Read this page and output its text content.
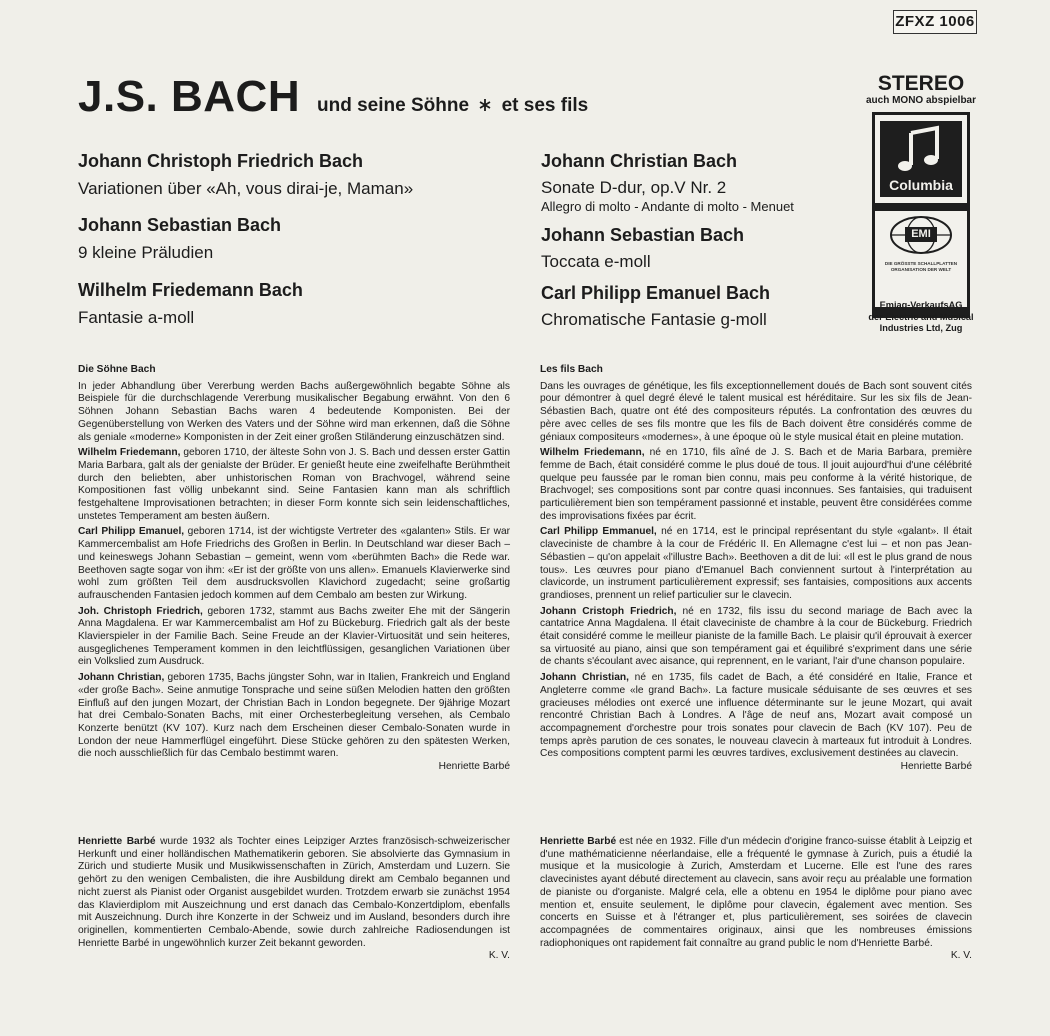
ZFXZ 1006
J.S. BACH und seine Söhne et ses fils
STEREO
auch MONO abspielbar
Columbia
EMI
DIE GRÖSSTE SCHALLPLATTEN ORGANISATION DER WELT
Emiag-VerkaufsAG
der Electric and Musical
Industries Ltd, Zug
Johann Christoph Friedrich Bach
Variationen über «Ah, vous dirai-je, Maman»
Johann Sebastian Bach
9 kleine Präludien
Wilhelm Friedemann Bach
Fantasie a-moll
Johann Christian Bach
Sonate D-dur, op.V Nr. 2
Allegro di molto - Andante di molto - Menuet
Johann Sebastian Bach
Toccata e-moll
Carl Philipp Emanuel Bach
Chromatische Fantasie g-moll
Die Söhne Bach

In jeder Abhandlung über Vererbung werden Bachs außergewöhnlich begabte Söhne als Beispiele für die durchschlagende Vererbung musikalischer Begabung erwähnt. Von den 6 Söhnen Johann Sebastian Bachs waren 4 bedeutende Komponisten. Bei der Gegenüberstellung von Werken des Vaters und der Söhne wird man erkennen, daß die Söhne als geniale «moderne» Komponisten in der Zeit einer großen Stiländerung einzuschätzen sind.

Wilhelm Friedemann, geboren 1710, der älteste Sohn von J. S. Bach und dessen erster Gattin Maria Barbara, galt als der genialste der Brüder. Er genießt heute eine zweifelhafte Berühmtheit durch den beliebten, aber unhistorischen Roman von Brachvogel, während seine Kompositionen fast völlig unbekannt sind. Seine Fantasien kann man als schriftlich festgehaltene Improvisationen betrachten; in dieser Form konnte sich sein leidenschaftliches, unstetes Temperament am besten äußern.

Carl Philipp Emanuel, geboren 1714, ist der wichtigste Vertreter des «galanten» Stils. Er war Kammercembalist am Hofe Friedrichs des Großen in Berlin. In Deutschland war dieser Bach – und keineswegs Johann Sebastian – gemeint, wenn vom «berühmten Bach» die Rede war. Beethoven sagte sogar von ihm: «Er ist der größte von uns allen». Emanuels Klavierwerke sind wohl zum größten Teil dem ausdrucksvollen Klavichord zugedacht; seine großartig aufrauschenden Fantasien jedoch kommen auf dem Cembalo am besten zur Wirkung.

Joh. Christoph Friedrich, geboren 1732, stammt aus Bachs zweiter Ehe mit der Sängerin Anna Magdalena. Er war Kammercembalist am Hof zu Bückeburg. Friedrich galt als der beste Klavierspieler in der Familie Bach. Seine Freude an der Klavier-Virtuosität und sein heiteres, ausgeglichenes Temperament kommen in den leichtflüssigen, gesanglichen Variationen über ein Volkslied zum Ausdruck.

Johann Christian, geboren 1735, Bachs jüngster Sohn, war in Italien, Frankreich und England «der große Bach». Seine anmutige Tonsprache und seine süßen Melodien hatten den größten Einfluß auf den jungen Mozart, der Christian Bach in London begegnete. Der 9jährige Mozart hat drei Cembalo-Sonaten Bachs, mit einer Orchesterbegleitung versehen, als Cembalo Konzerte benützt (KV 107). Kurz nach dem Erscheinen dieser Cembalo-Sonaten wurde in London der neue Hammerflügel eingeführt. Diese Stücke gehören zu den spätesten Werken, die noch ausschließlich für das Cembalo bestimmt waren.
Henriette Barbé

Henriette Barbé wurde 1932 als Tochter eines Leipziger Arztes französisch-schweizerischer Herkunft und einer holländischen Mathematikerin geboren. Sie absolvierte das Gymnasium in Zürich und studierte Musik und Musikwissenschaften in Zürich, Amsterdam und Luzern. Sie gehört zu den wenigen Cembalisten, die ihre Ausbildung direkt am Cembalo begannen und nicht zuerst als Pianist oder Organist ausgebildet wurden. Trotzdem erwarb sie zunächst 1954 das Klavierdiplom mit Auszeichnung und erst danach das Cembalo-Konzertdiplom, ebenfalls mit Auszeichnung. Durch ihre Konzerte in der Schweiz und im Ausland, besonders durch ihre originellen, kommentierten Cembalo-Abende, sowie durch zahlreiche Radiosendungen ist Henriette Barbé in ungewöhnlich kurzer Zeit bekannt geworden.
K. V.

Les fils Bach

Dans les ouvrages de génétique, les fils exceptionnellement doués de Bach sont souvent cités pour démontrer à quel degré élevé le talent musical est héréditaire. Sur les six fils de Jean-Sébastien Bach, quatre ont été des compositeurs réputés. La confrontation des œuvres du père avec celles de ses fils montre que les fils de Bach doivent être considérés comme de géniaux compositeurs «modernes», à une époque où le style musical était en pleine mutation.

Wilhelm Friedemann, né en 1710, fils aîné de J. S. Bach et de Maria Barbara, première femme de Bach, était considéré comme le plus doué de tous. Il jouit aujourd'hui d'une célébrité quelque peu faussée par le roman bien connu, mais peu conforme à la vérité historique, de Brachvogel; ses compositions sont par contre quasi inconnues. Ses fantaisies, qui traduisent particulièrement bien son tempérament passionné et instable, peuvent être considérées comme des improvisations fixées par écrit.

Carl Philipp Emmanuel, né en 1714, est le principal représentant du style «galant». Il était claveciniste de chambre à la cour de Frédéric II. En Allemagne c'est lui – et non pas Jean-Sébastien – qu'on appelait «l'illustre Bach». Beethoven a dit de lui: «Il est le plus grand de nous tous». Les œuvres pour piano d'Emanuel Bach conviennent surtout à l'interprétation au clavicorde, un instrument particulièrement expressif; ses fantaisies, compositions aux accents grandioses, prennent un relief particulier sur le clavecin.

Johann Cristoph Friedrich, né en 1732, fils issu du second mariage de Bach avec la cantatrice Anna Magdalena. Il était claveciniste de chambre à la cour de Bückeburg. Friedrich était considéré comme le meilleur pianiste de la famille Bach. Le plaisir qu'il éprouvait à exercer sa virtuosité au piano, ainsi que son tempérament gai et équilibré s'expriment dans une série de chants s'écoulant avec aisance, qui reprennent, en le variant, l'air d'une chanson populaire.

Johann Christian, né en 1735, fils cadet de Bach, a été considéré en Italie, France et Angleterre comme «le grand Bach». La facture musicale séduisante de ses œuvres et ses gracieuses mélodies ont exercé une influence déterminante sur le jeune Mozart, qui avait rencontré Christian Bach à Londres. A l'âge de neuf ans, Mozart avait composé un accompagnement d'orchestre pour trois sonates pour clavecin de Bach (KV 107). Peu de temps après parution de ces sonates, le nouveau clavecin à marteaux fut introduit à Londres. Ces compositions comptent parmi les œuvres tardives, exclusivement destinées au clavecin.
Henriette Barbé

Henriette Barbé est née en 1932. Fille d'un médecin d'origine franco-suisse établit à Leipzig et d'une mathématicienne néerlandaise, elle a fréquenté le gymnase à Zurich, puis a étudié la musique et la musicologie à Zurich, Amsterdam et Lucerne. Elle est l'une des rares clavecinistes ayant débuté directement au clavecin, sans avoir reçu au préalable une formation de pianiste ou d'organiste. Malgré cela, elle a obtenu en 1954 le diplôme pour piano avec mention et, ensuite seulement, le diplôme pour clavecin, également avec mention. Ses concerts en Suisse et à l'étranger et, plus particulièrement, ses soirées de clavecin accompagnées de commentaires originaux, ainsi que les nombreuses émissions radiophoniques ont rapidement fait connaître au grand public le nom d'Henriette Barbé.
K. V.
